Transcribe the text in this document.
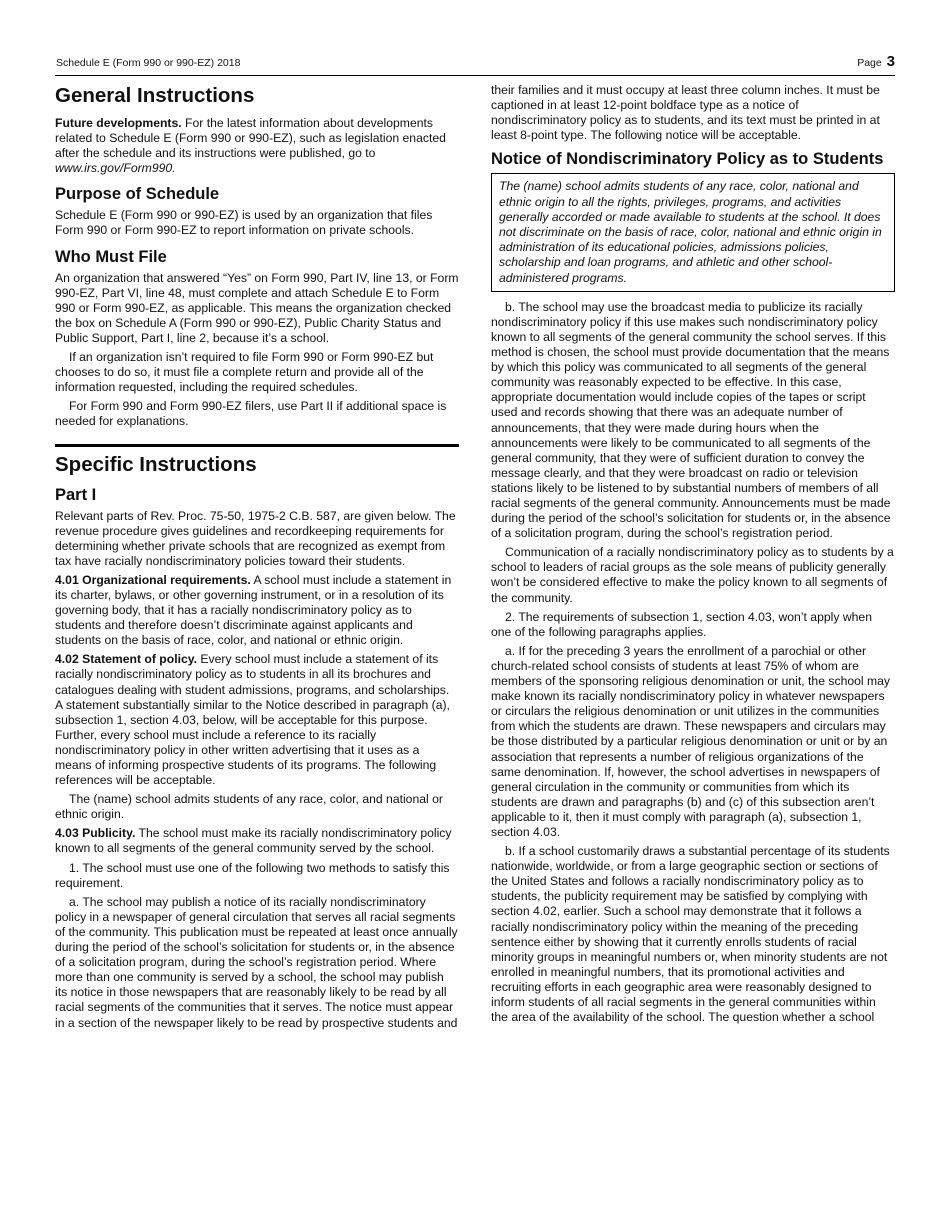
Schedule E (Form 990 or 990-EZ) 2018	Page 3
General Instructions

Future developments. For the latest information about developments related to Schedule E (Form 990 or 990-EZ), such as legislation enacted after the schedule and its instructions were published, go to www.irs.gov/Form990.

Purpose of Schedule

Schedule E (Form 990 or 990-EZ) is used by an organization that files Form 990 or Form 990-EZ to report information on private schools.

Who Must File

An organization that answered “Yes” on Form 990, Part IV, line 13, or Form 990-EZ, Part VI, line 48, must complete and attach Schedule E to Form 990 or Form 990-EZ, as applicable. This means the organization checked the box on Schedule A (Form 990 or 990-EZ), Public Charity Status and Public Support, Part I, line 2, because it’s a school.

If an organization isn’t required to file Form 990 or Form 990-EZ but chooses to do so, it must file a complete return and provide all of the information requested, including the required schedules.

For Form 990 and Form 990-EZ filers, use Part II if additional space is needed for explanations.

Specific Instructions
Part I

Relevant parts of Rev. Proc. 75-50, 1975-2 C.B. 587, are given below. The revenue procedure gives guidelines and recordkeeping requirements for determining whether private schools that are recognized as exempt from tax have racially nondiscriminatory policies toward their students.

4.01 Organizational requirements. A school must include a statement in its charter, bylaws, or other governing instrument, or in a resolution of its governing body, that it has a racially nondiscriminatory policy as to students and therefore doesn’t discriminate against applicants and students on the basis of race, color, and national or ethnic origin.

4.02 Statement of policy. Every school must include a statement of its racially nondiscriminatory policy as to students in all its brochures and catalogues dealing with student admissions, programs, and scholarships. A statement substantially similar to the Notice described in paragraph (a), subsection 1, section 4.03, below, will be acceptable for this purpose. Further, every school must include a reference to its racially nondiscriminatory policy in other written advertising that it uses as a means of informing prospective students of its programs. The following references will be acceptable.

The (name) school admits students of any race, color, and national or ethnic origin.

4.03 Publicity. The school must make its racially nondiscriminatory policy known to all segments of the general community served by the school.

1. The school must use one of the following two methods to satisfy this requirement.

a. The school may publish a notice of its racially nondiscriminatory policy in a newspaper of general circulation that serves all racial segments of the community. This publication must be repeated at least once annually during the period of the school’s solicitation for students or, in the absence of a solicitation program, during the school’s registration period. Where more than one community is served by a school, the school may publish its notice in those newspapers that are reasonably likely to be read by all racial segments of the communities that it serves. The notice must appear in a section of the newspaper likely to be read by prospective students and

their families and it must occupy at least three column inches. It must be captioned in at least 12-point boldface type as a notice of nondiscriminatory policy as to students, and its text must be printed in at least 8-point type. The following notice will be acceptable.

Notice of Nondiscriminatory Policy as to Students
The (name) school admits students of any race, color, national and ethnic origin to all the rights, privileges, programs, and activities generally accorded or made available to students at the school. It does not discriminate on the basis of race, color, national and ethnic origin in administration of its educational policies, admissions policies, scholarship and loan programs, and athletic and other school-administered programs.

b. The school may use the broadcast media to publicize its racially nondiscriminatory policy if this use makes such nondiscriminatory policy known to all segments of the general community the school serves. If this method is chosen, the school must provide documentation that the means by which this policy was communicated to all segments of the general community was reasonably expected to be effective. In this case, appropriate documentation would include copies of the tapes or script used and records showing that there was an adequate number of announcements, that they were made during hours when the announcements were likely to be communicated to all segments of the general community, that they were of sufficient duration to convey the message clearly, and that they were broadcast on radio or television stations likely to be listened to by substantial numbers of members of all racial segments of the general community. Announcements must be made during the period of the school’s solicitation for students or, in the absence of a solicitation program, during the school’s registration period.

Communication of a racially nondiscriminatory policy as to students by a school to leaders of racial groups as the sole means of publicity generally won’t be considered effective to make the policy known to all segments of the community.

2. The requirements of subsection 1, section 4.03, won’t apply when one of the following paragraphs applies.

a. If for the preceding 3 years the enrollment of a parochial or other church-related school consists of students at least 75% of whom are members of the sponsoring religious denomination or unit, the school may make known its racially nondiscriminatory policy in whatever newspapers or circulars the religious denomination or unit utilizes in the communities from which the students are drawn. These newspapers and circulars may be those distributed by a particular religious denomination or unit or by an association that represents a number of religious organizations of the same denomination. If, however, the school advertises in newspapers of general circulation in the community or communities from which its students are drawn and paragraphs (b) and (c) of this subsection aren’t applicable to it, then it must comply with paragraph (a), subsection 1, section 4.03.

b. If a school customarily draws a substantial percentage of its students nationwide, worldwide, or from a large geographic section or sections of the United States and follows a racially nondiscriminatory policy as to students, the publicity requirement may be satisfied by complying with section 4.02, earlier. Such a school may demonstrate that it follows a racially nondiscriminatory policy within the meaning of the preceding sentence either by showing that it currently enrolls students of racial minority groups in meaningful numbers or, when minority students are not enrolled in meaningful numbers, that its promotional activities and recruiting efforts in each geographic area were reasonably designed to inform students of all racial segments in the general communities within the area of the availability of the school. The question whether a school
